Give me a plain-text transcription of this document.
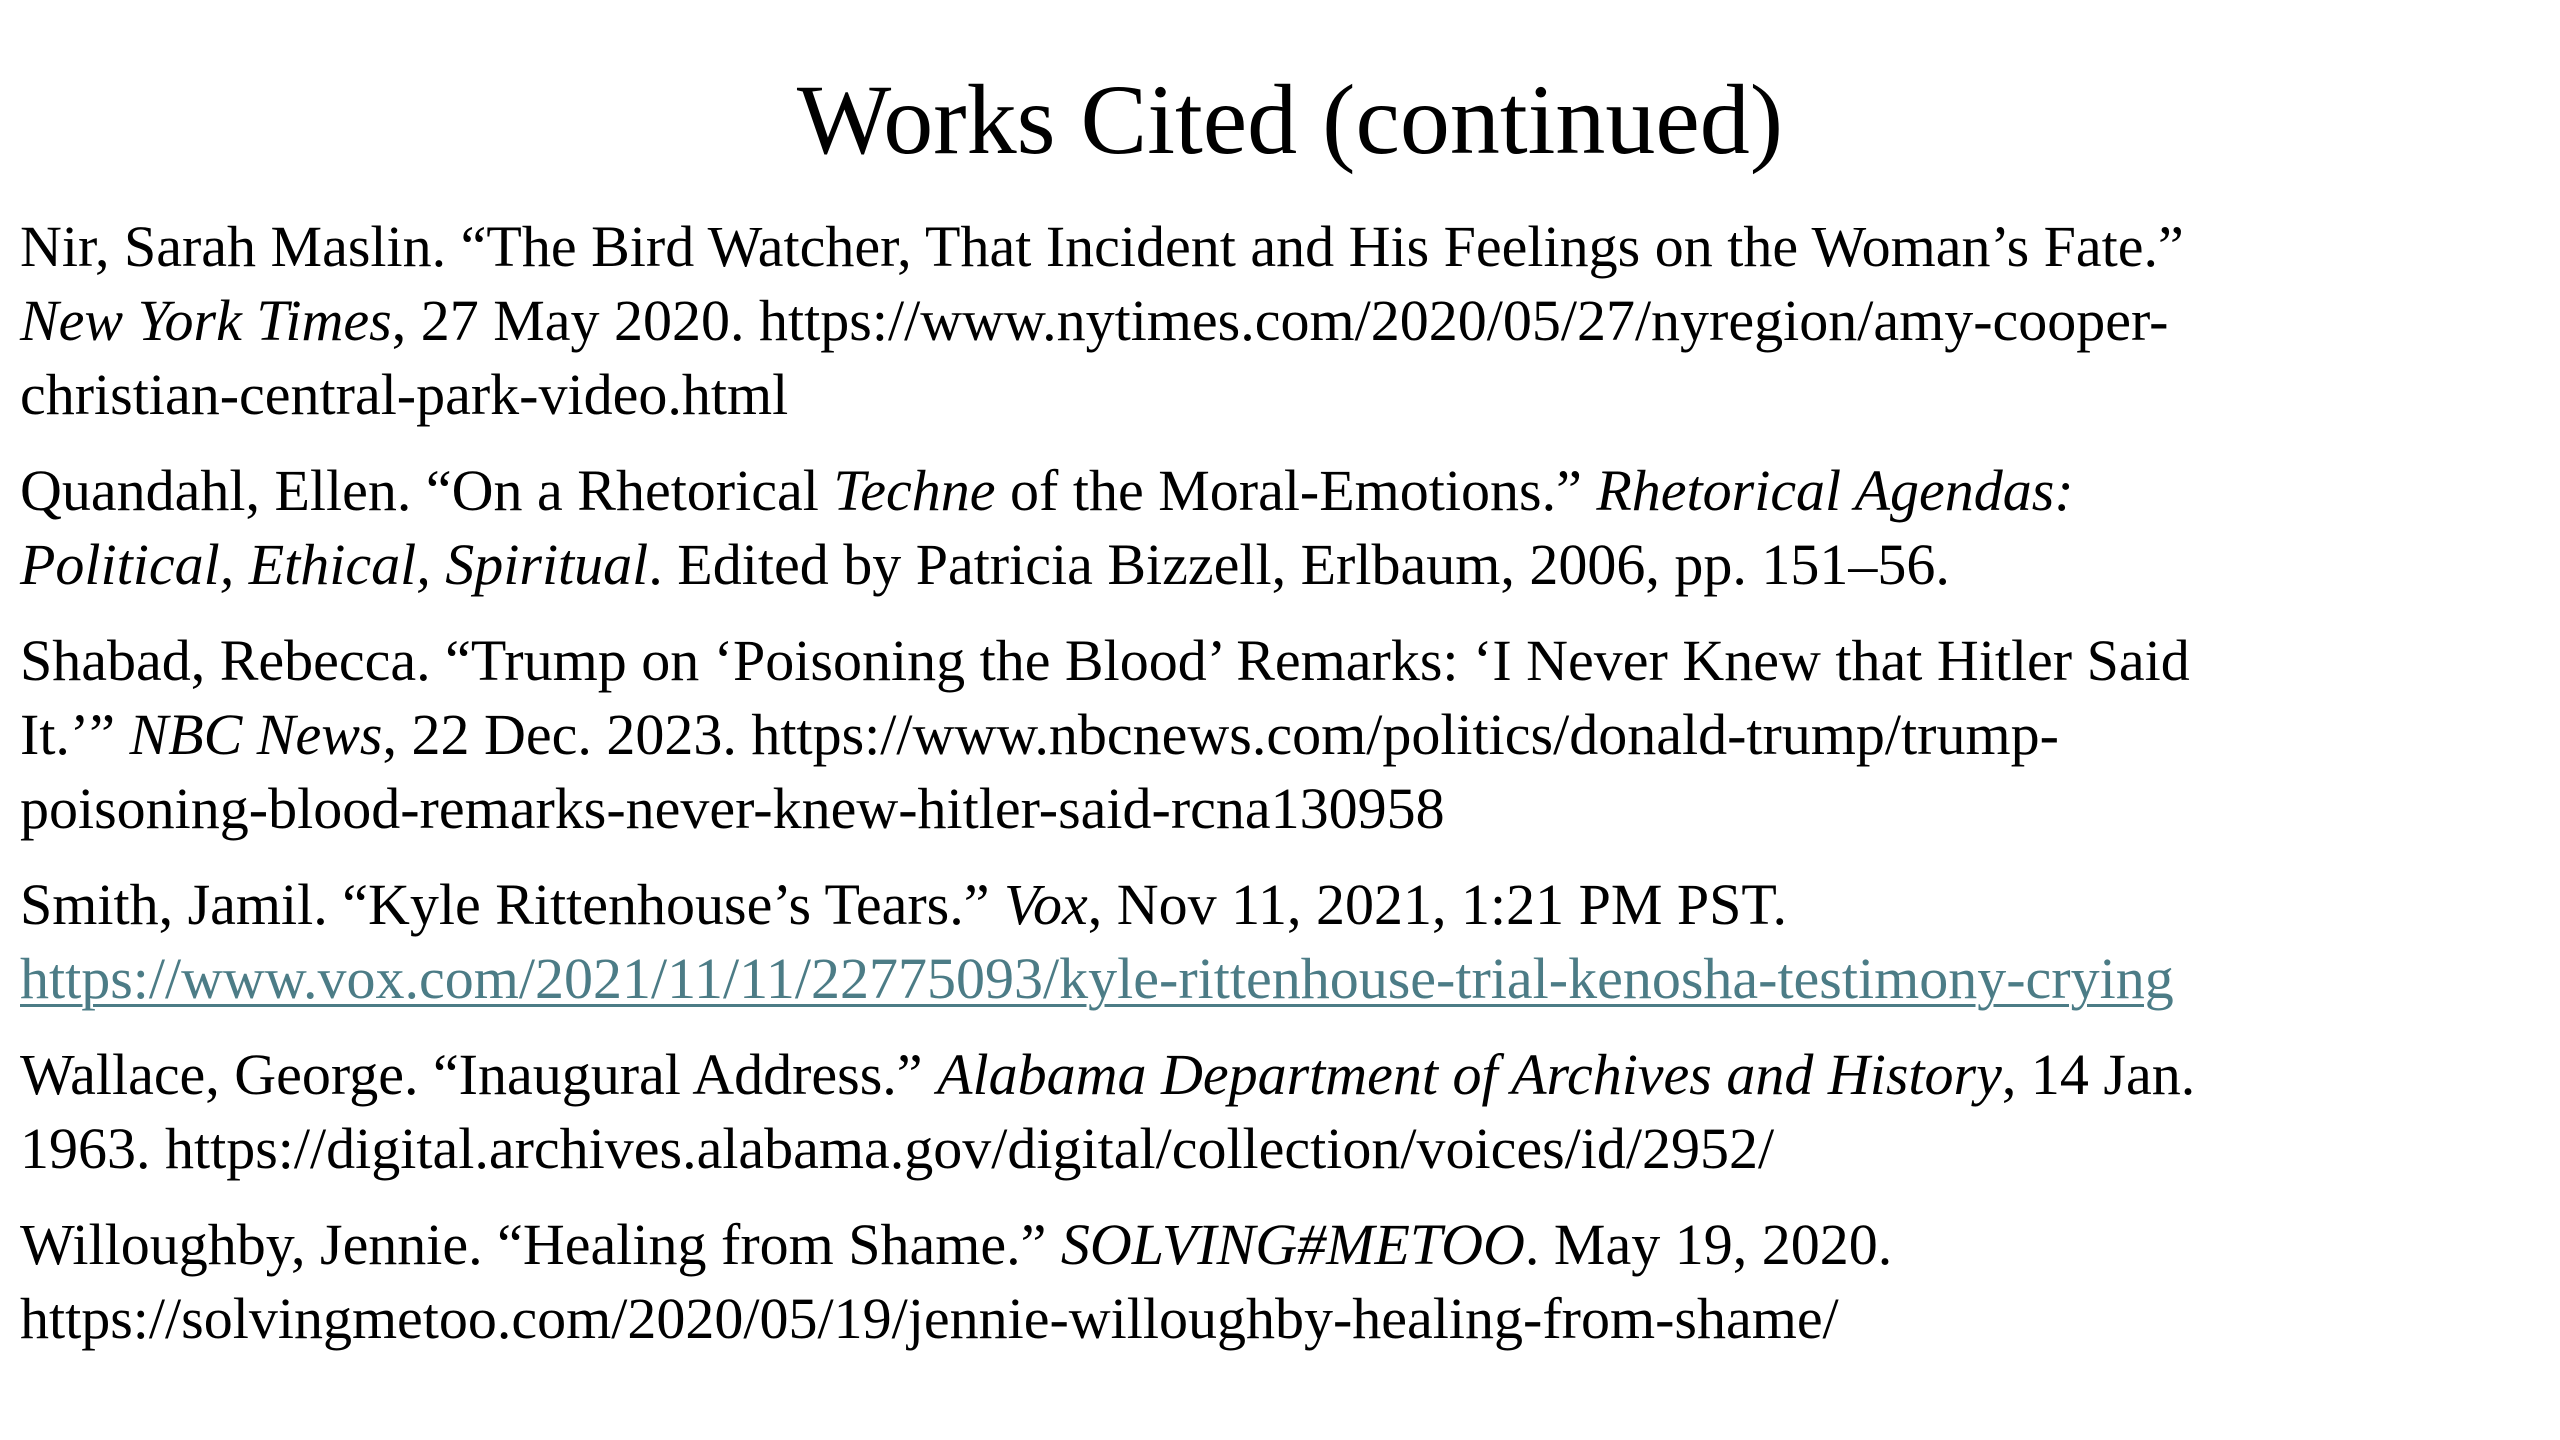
Works Cited (continued)

Nir, Sarah Maslin. “The Bird Watcher, That Incident and His Feelings on the Woman’s Fate.”
New York Times, 27 May 2020. https://www.nytimes.com/2020/05/27/nyregion/amy-cooper-
christian-central-park-video.html

Quandahl, Ellen. “On a Rhetorical Techne of the Moral-Emotions.” Rhetorical Agendas:
Political, Ethical, Spiritual. Edited by Patricia Bizzell, Erlbaum, 2006, pp. 151–56.

Shabad, Rebecca. “Trump on ‘Poisoning the Blood’ Remarks: ‘I Never Knew that Hitler Said
It.’” NBC News, 22 Dec. 2023. https://www.nbcnews.com/politics/donald-trump/trump-
poisoning-blood-remarks-never-knew-hitler-said-rcna130958

Smith, Jamil. “Kyle Rittenhouse’s Tears.” Vox, Nov 11, 2021, 1:21 PM PST.
https://www.vox.com/2021/11/11/22775093/kyle-rittenhouse-trial-kenosha-testimony-crying

Wallace, George. “Inaugural Address.” Alabama Department of Archives and History, 14 Jan.
1963. https://digital.archives.alabama.gov/digital/collection/voices/id/2952/

Willoughby, Jennie. “Healing from Shame.” SOLVING#METOO. May 19, 2020.
https://solvingmetoo.com/2020/05/19/jennie-willoughby-healing-from-shame/
